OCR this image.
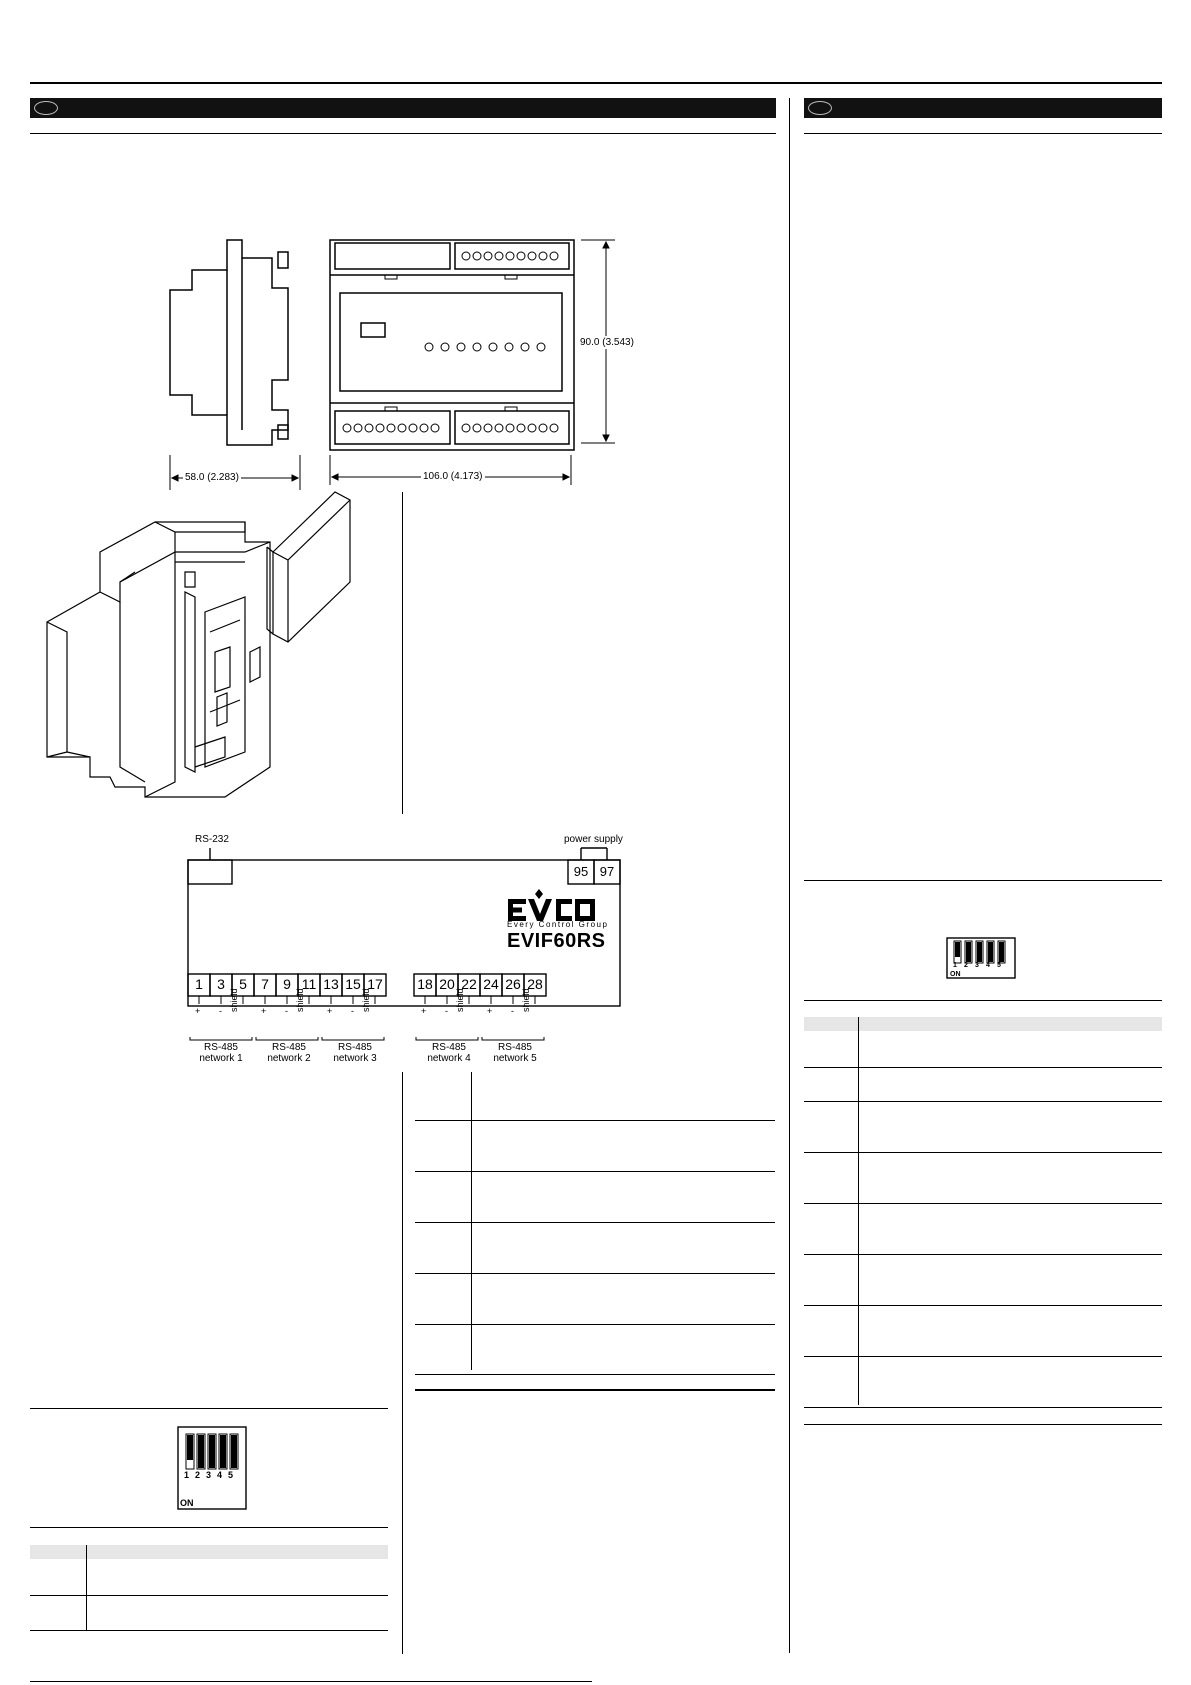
58.0 (2.283)
90.0 (3.543)
106.0 (4.173)
RS-232	power supply
95 97
Every Control Group
EVIF60RS
1	3	5	7	9 11 13 15 17 18 20 22 24 26 28
+ - shield + - shield + - shield	+ - shield + - shield
RS-485
network 1
RS-485
network 2
RS-485
network 3
RS-485
network 4
RS-485
network 5
1 2 3 4 5
ON
1 2 3 4 5
ON
